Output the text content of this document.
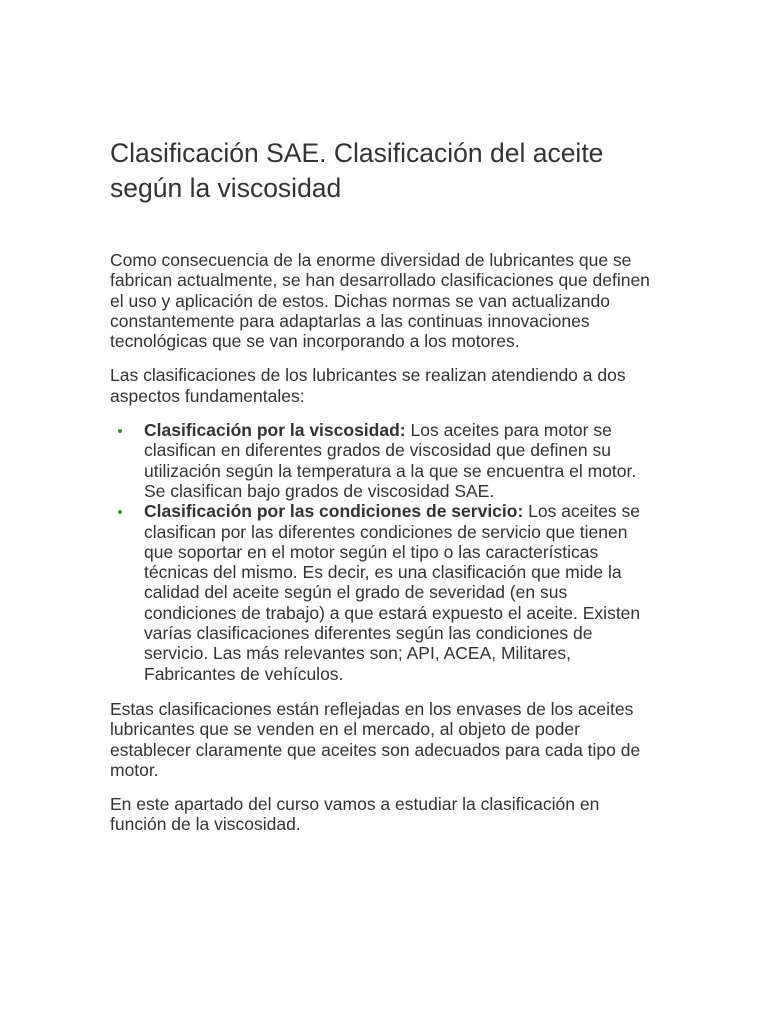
Clasificación SAE. Clasificación del aceite según la viscosidad

Como consecuencia de la enorme diversidad de lubricantes que se fabrican actualmente, se han desarrollado clasificaciones que definen el uso y aplicación de estos. Dichas normas se van actualizando constantemente para adaptarlas a las continuas innovaciones tecnológicas que se van incorporando a los motores.

Las clasificaciones de los lubricantes se realizan atendiendo a dos aspectos fundamentales:

Clasificación por la viscosidad: Los aceites para motor se clasifican en diferentes grados de viscosidad que definen su utilización según la temperatura a la que se encuentra el motor. Se clasifican bajo grados de viscosidad SAE.
Clasificación por las condiciones de servicio: Los aceites se clasifican por las diferentes condiciones de servicio que tienen que soportar en el motor según el tipo o las características técnicas del mismo. Es decir, es una clasificación que mide la calidad del aceite según el grado de severidad (en sus condiciones de trabajo) a que estará expuesto el aceite. Existen varías clasificaciones diferentes según las condiciones de servicio. Las más relevantes son; API, ACEA, Militares, Fabricantes de vehículos.

Estas clasificaciones están reflejadas en los envases de los aceites lubricantes que se venden en el mercado, al objeto de poder establecer claramente que aceites son adecuados para cada tipo de motor.

En este apartado del curso vamos a estudiar la clasificación en función de la viscosidad.
